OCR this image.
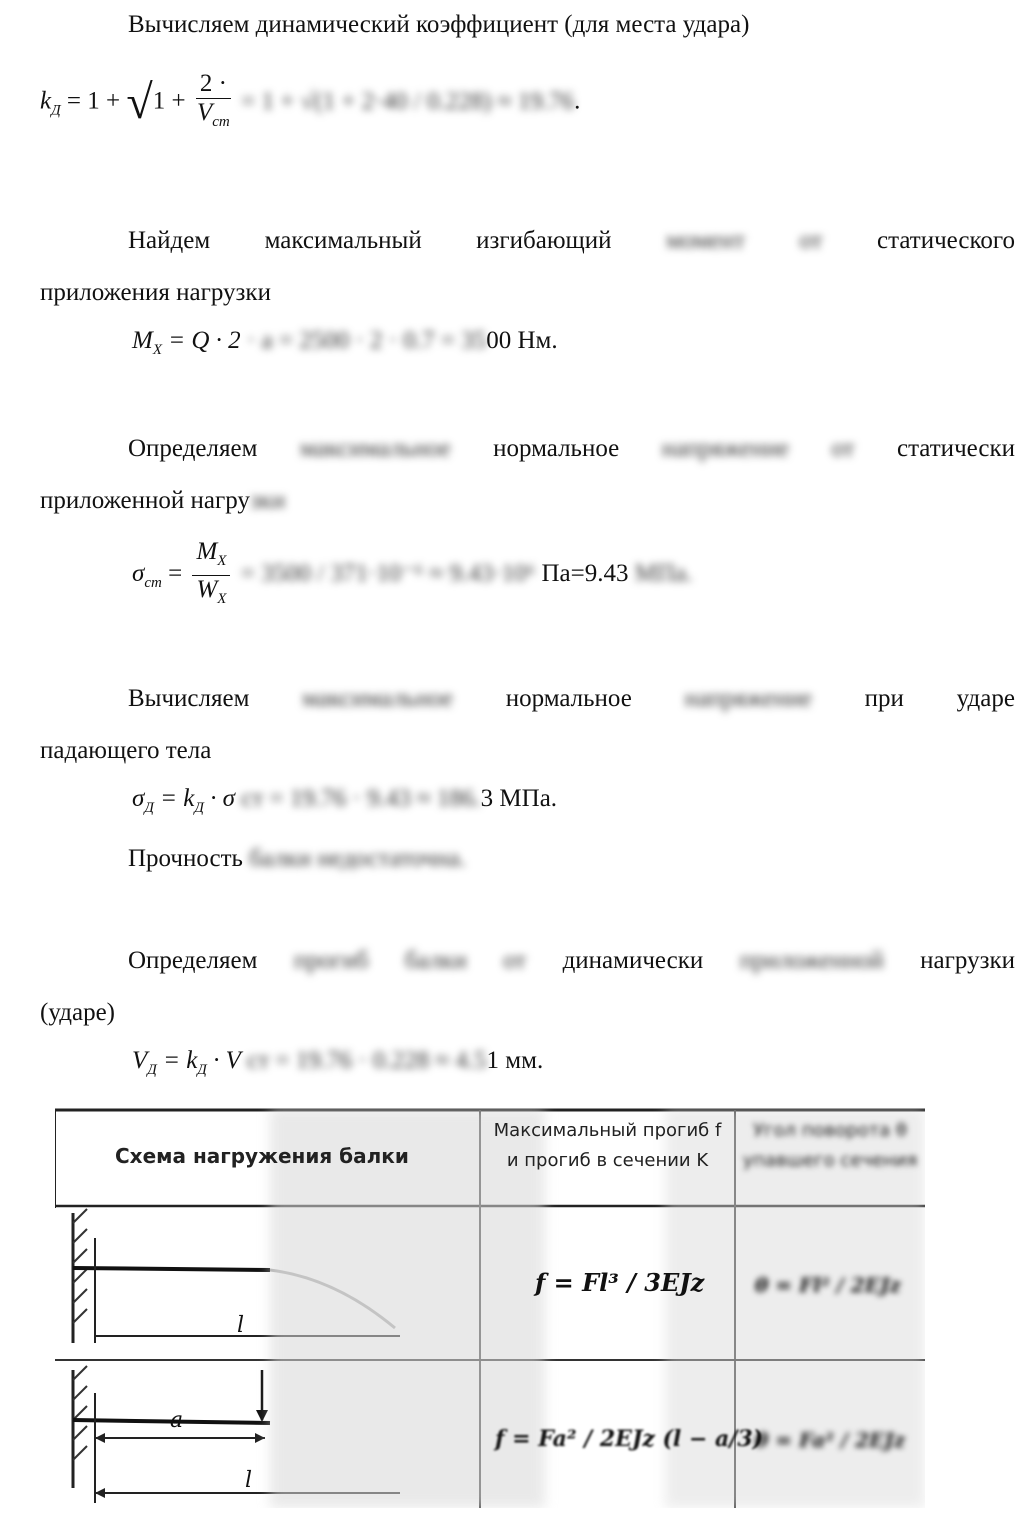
Вычисляем динамический коэффициент (для места удара)
$k_Д = 1 + √1 + \frac{2 \cdot}{V_{ст}} = 1 + √(1 + 2\cdot 40 / 0.228) \approx 19.76$.
Найдем максимальный изгибающий момент от статического
приложения нагрузки
$M_X = Q \cdot 2 \cdot a = 2500 \cdot 2 \cdot 0.7 = 3500$ Нм.
Определяем максимальное нормальное напряжение от статически
приложенной нагрузки
$\sigma_{ст} = \frac{M_X}{W_X} = 3500 / 371\cdot 10^{-6} \approx 9.43\cdot 10^6$ Па=9.43 МПа.
Вычисляем максимальное нормальное напряжение при ударе
падающего тела
$\sigma_Д = k_Д \cdot \sigma$ ст = 19.76 · 9.43 ≈ 186.3 МПа.
Прочность балки недостаточна.
Определяем прогиб балки от динамически приложенной нагрузки
(ударе)
$V_Д = k_Д \cdot V$ ст = 19.76 · 0.228 ≈ 4.51 мм.
Схема нагружения балки
Максимальный прогиб f и прогиб в сечении K
Угол поворота θ упавшего сечения
l
a
l
f = Fl³ / 3EJz
f = Fa² / 2EJz (l − a/3)
θ = Fl² / 2EJz
θ = Fa² / 2EJz
